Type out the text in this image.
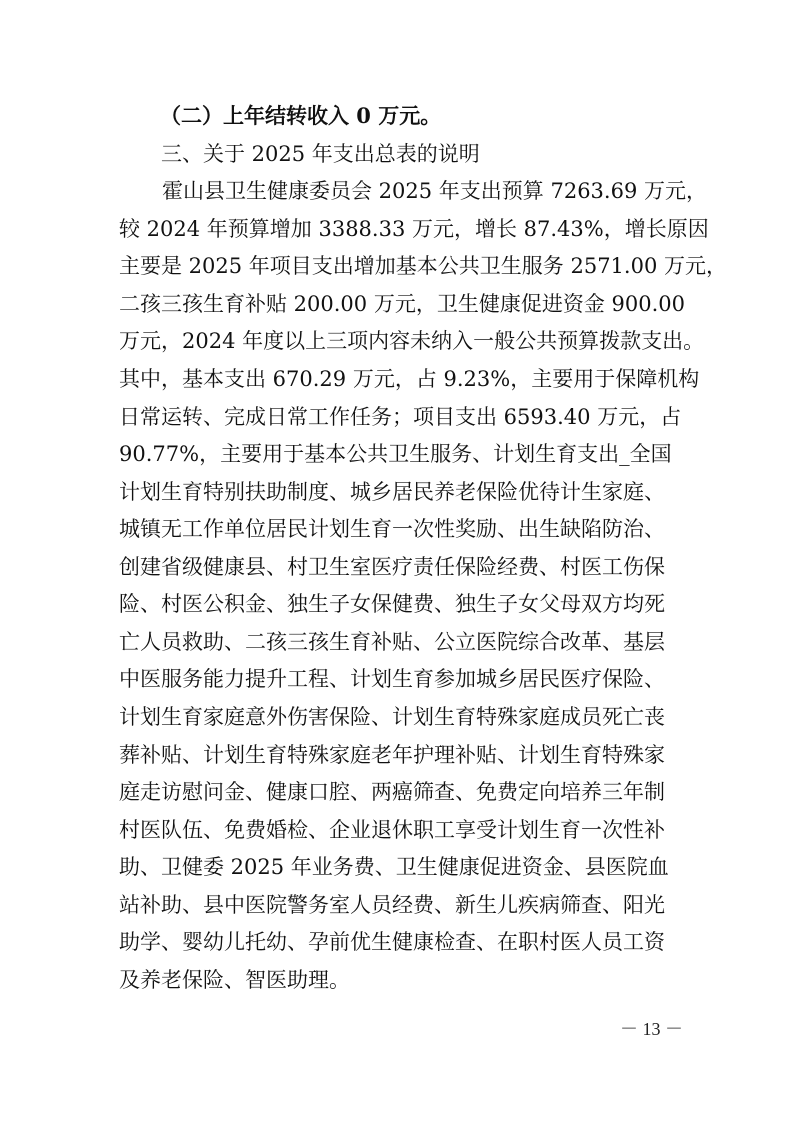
（二）上年结转收入 0 万元。
三、关于 2025 年支出总表的说明
霍山县卫生健康委员会 2025 年支出预算 7263.69 万元，
较 2024 年预算增加 3388.33 万元，增长 87.43%，增长原因
主要是 2025 年项目支出增加基本公共卫生服务 2571.00 万元，
二孩三孩生育补贴 200.00 万元，卫生健康促进资金 900.00
万元，2024 年度以上三项内容未纳入一般公共预算拨款支出。
其中，基本支出 670.29 万元，占 9.23%，主要用于保障机构
日常运转、完成日常工作任务；项目支出 6593.40 万元，占
90.77%，主要用于基本公共卫生服务、计划生育支出_全国
计划生育特别扶助制度、城乡居民养老保险优待计生家庭、
城镇无工作单位居民计划生育一次性奖励、出生缺陷防治、
创建省级健康县、村卫生室医疗责任保险经费、村医工伤保
险、村医公积金、独生子女保健费、独生子女父母双方均死
亡人员救助、二孩三孩生育补贴、公立医院综合改革、基层
中医服务能力提升工程、计划生育参加城乡居民医疗保险、
计划生育家庭意外伤害保险、计划生育特殊家庭成员死亡丧
葬补贴、计划生育特殊家庭老年护理补贴、计划生育特殊家
庭走访慰问金、健康口腔、两癌筛查、免费定向培养三年制
村医队伍、免费婚检、企业退休职工享受计划生育一次性补
助、卫健委 2025 年业务费、卫生健康促进资金、县医院血
站补助、县中医院警务室人员经费、新生儿疾病筛查、阳光
助学、婴幼儿托幼、孕前优生健康检查、在职村医人员工资
及养老保险、智医助理。
－ 13 －
